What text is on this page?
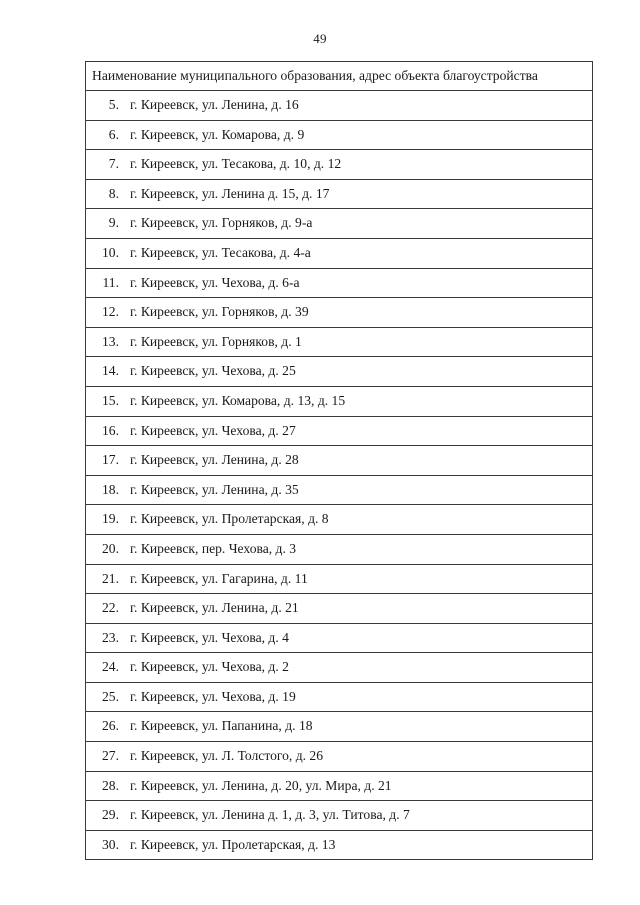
49
Наименование муниципального образования, адрес объекта благоустройства
5. г. Киреевск, ул. Ленина, д. 16
6. г. Киреевск, ул. Комарова, д. 9
7. г. Киреевск, ул. Тесакова, д. 10, д. 12
8. г. Киреевск, ул. Ленина д. 15, д. 17
9. г. Киреевск, ул. Горняков, д. 9-а
10. г. Киреевск, ул. Тесакова, д. 4-а
11. г. Киреевск, ул. Чехова, д. 6-а
12. г. Киреевск, ул. Горняков, д. 39
13. г. Киреевск, ул. Горняков, д. 1
14. г. Киреевск, ул. Чехова, д. 25
15. г. Киреевск, ул. Комарова, д. 13, д. 15
16. г. Киреевск, ул. Чехова, д. 27
17. г. Киреевск, ул. Ленина, д. 28
18. г. Киреевск, ул. Ленина, д. 35
19. г. Киреевск, ул. Пролетарская, д. 8
20. г. Киреевск, пер. Чехова, д. 3
21. г. Киреевск, ул. Гагарина, д. 11
22. г. Киреевск, ул. Ленина, д. 21
23. г. Киреевск, ул. Чехова, д. 4
24. г. Киреевск, ул. Чехова, д. 2
25. г. Киреевск, ул. Чехова, д. 19
26. г. Киреевск, ул. Папанина, д. 18
27. г. Киреевск, ул. Л. Толстого, д. 26
28. г. Киреевск, ул. Ленина, д. 20, ул. Мира, д. 21
29. г. Киреевск, ул. Ленина д. 1, д. 3, ул. Титова, д. 7
30. г. Киреевск, ул. Пролетарская, д. 13
